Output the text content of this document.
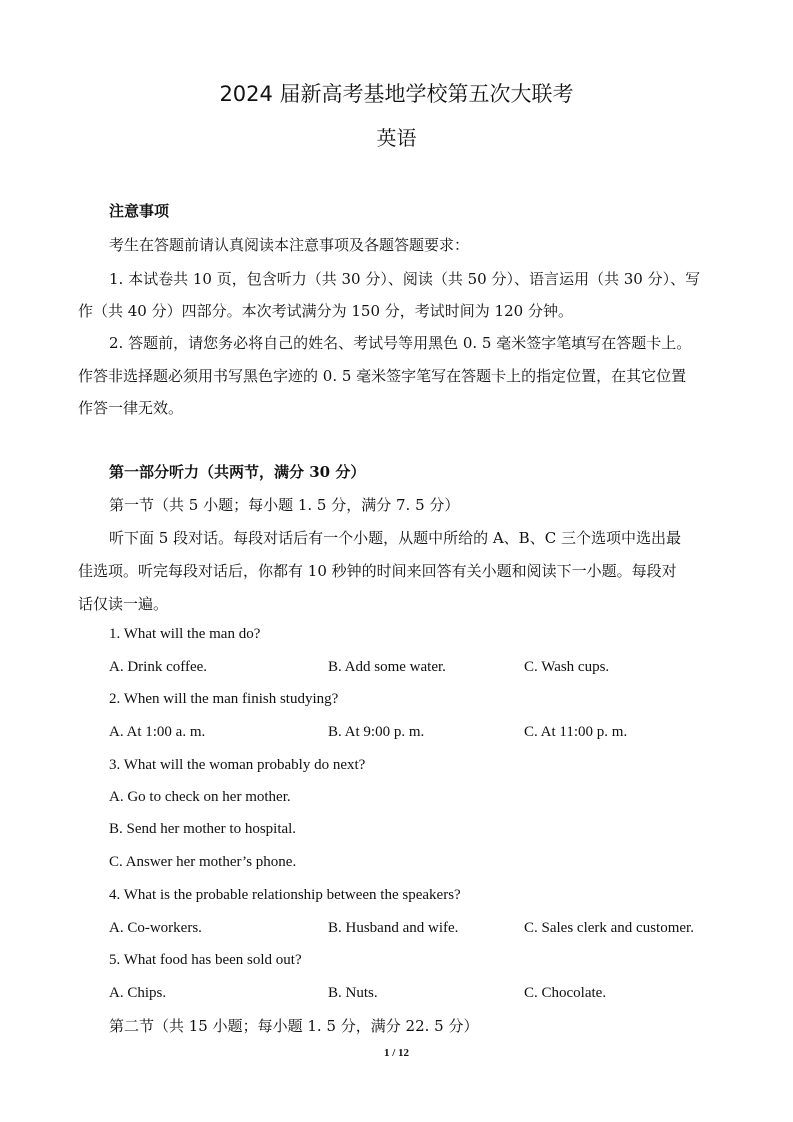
2024 届新高考基地学校第五次大联考
英语
注意事项
考生在答题前请认真阅读本注意事项及各题答题要求：
1. 本试卷共 10 页，包含听力（共 30 分）、阅读（共 50 分）、语言运用（共 30 分）、写
作（共 40 分）四部分。本次考试满分为 150 分，考试时间为 120 分钟。
2. 答题前，请您务必将自己的姓名、考试号等用黑色 0. 5 毫米签字笔填写在答题卡上。
作答非选择题必须用书写黑色字迹的 0. 5 毫米签字笔写在答题卡上的指定位置，在其它位置
作答一律无效。
第一部分听力（共两节，满分 30 分）
第一节（共 5 小题；每小题 1. 5 分，满分 7. 5 分）
听下面 5 段对话。每段对话后有一个小题，从题中所给的 A、B、C 三个选项中选出最
佳选项。听完每段对话后，你都有 10 秒钟的时间来回答有关小题和阅读下一小题。每段对
话仅读一遍。
1. What will the man do?
A. Drink coffee.	B. Add some water.	C. Wash cups.
2. When will the man finish studying?
A. At 1:00 a. m.	B. At 9:00 p. m.	C. At 11:00 p. m.
3. What will the woman probably do next?
A. Go to check on her mother.
B. Send her mother to hospital.
C. Answer her mother’s phone.
4. What is the probable relationship between the speakers?
A. Co-workers.	B. Husband and wife.	C. Sales clerk and customer.
5. What food has been sold out?
A. Chips.	B. Nuts.	C. Chocolate.
第二节（共 15 小题；每小题 1. 5 分，满分 22. 5 分）
1 / 12
